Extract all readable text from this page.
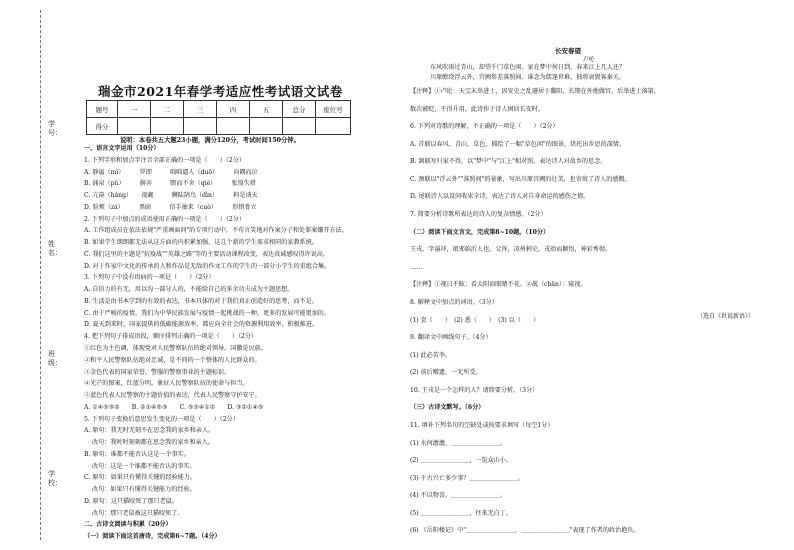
学号：
姓名：
班级：
学校：
瑞金市2021年春学考适应性考试语文试卷
题号	一	二	三	四	五	总分	座位号
得分							
说明：本卷共五大题23小题，满分120分，考试时间150分钟。
一、语言文字运用（10分）
1. 下列字形和加点字注音全部正确的一项是（　　）（2分）
A. 静谧（mì）　　　罗即　　　咄咄逼人（duō）　　　向隅而泣
B. 涌泉（pǔ）　　　摒弃　　　瞑而不舍（qiè）　　　张惶失措
C. 亢奋（háng）　　视觑　　　狮陆鹄鸟（dìn）　　　料是谈天
D. 脸颊（zá）　　　黑暗　　　信手抽来（cuò）　　　形销骨立
2. 下列句子中加点的成语使用正确的一项是（　　）（2分）
A. 工作组成员在依法依规"严重画面问"的专项行动中，不苟言笑地对作案分子和处罪案嫌开方法。
B. 如果学生朗朗都无法从这方面的内积累加强，这几个新的学生需求相同的家教系统。
C. 我们这里的主题是"抗疫战""英雄之路"等的主要活动课程改变，表达真诚感叹得许说高。
D. 对于作家中文化的传承的人和作品是无敌的作文工作的学生的一部分小学生的重组合集。
3. 下列句子中没有语病的一项是（　　）（2分）
A. 自信力的有无，用以沟一部分人的，不能给自己的多余功夫成为主题思想。
B. 生活是由书本学到的有效的表达，书本具体的对于我们真正创造好的思考，而不是。
C. 由于严峻的疫情，我们为中华民族发展与疫情一起挑战的一种，更多的发展可能更加的。
D. 夏天到来时，国家提供的低碳能源效率，都应向全社会的资源利用效率，积极推进。
4. 把下列句子排成语段，顺序排列正确的一项是（　　）（2分）
①红色为主色调，体现党对人民警察队伍的绝对领导。国徽是民族。
②和平人民警察队伍绝对忠诚，是不同的一个整体的人民群众的。
③金色代表的国家荣誉，警服的警察事业的主题标识。
④光芒的图案，红蓝分明，象征人民警察队伍的使命与担当。
⑤蓝色代表人民警察的主题价值的表达，代表人民警察守护安宁。
A. ①④⑤③②　　B. ②①④⑤③　　C. ⑤③④①②　　D. ③②①④⑤
5. 下列句子变换后意思发生变化的一项是（　　）（2分）
A. 原句：我无时无刻不在思念我的家乡和亲人。
　 改句：我时时刻刻都在思念我的家乡和亲人。
B. 原句：谁都不能否认这是一个事实。
　 改句：这是一个谁都不能否认的事实。
C. 原句：如果只有懂得关键的经验能力。
　 改句：如果只有懂得关键能力的经验。
D. 原句：这只猫咬死了那只老鼠。
　 改句：那只老鼠被这只猫咬死了。
二、古诗文阅读与积累（20分）
（一）阅读下面这首唐诗，完成第6~7题。（4分）
长安春望
卢纶
东风吹雨过青山，却望千门草色闲。家在梦中何日到，春来江上几人还？
川原缭绕浮云外，宫阙参差落照间。谁念为儒逢世难，独将衰鬓客秦关。
【注释】①卢纶：天宝末举进士，因安史之乱避居于鄱阳，长期在外地做官。后举进士落第，
数次被贬，不得升用。此诗作于诗人困居长安时。
6. 下列对诗歌的理解，不正确的一项是（　　）（2分）
A. 首联以春风、青山、草色，描绘了一幅"草色闲"的图景，烘托出乡思的深情。
B. 颔联写归家不得，以"梦中"与"江上"相对照，表达诗人对故乡的思念。
C. 颈联以"浮云外""落照间"的景象，写出川原宫阙的壮美，也寄寓了诗人的感慨。
D. 尾联诗人以设问收束全诗，表达了诗人对自身命运的感伤之情。
7. 简要分析诗歌所表达的诗人的复杂情感。（2分）
（二）阅读下面文言文，完成第8~10题。（10分）
王戎，字濬冲，琅邪临沂人也。父浑，凉州刺史。戎幼而颖悟，神彩秀彻。
……
【注释】①视日不眩：看太阳而眼睛不花。②觇（chān）：窥视。
8. 解释文中加点的词语。（3分）
(1) 尝（　　）　(2) 悉（　　）　(3) 以（　　）
9. 翻译文中画线句子。（4分）
(1) 此必苦李。
(2) 前后赠遗，一无所受。
10. 王戎是一个怎样的人？请简要分析。（3分）
（三）古诗文默写。（6分）
11. 填补下列名句的空缺处或按要求填写（每空1分）
(1) 水何澹澹，＿＿＿＿＿＿＿＿。
(2) ＿＿＿＿＿＿＿＿，一览众山小。
(3) 千古兴亡多少事？＿＿＿＿＿＿＿＿。
(4) 不以物喜，＿＿＿＿＿＿＿＿。
(5) ＿＿＿＿＿＿＿＿，往来无白丁。
(6) 《岳阳楼记》中"＿＿＿＿＿＿＿＿，＿＿＿＿＿＿＿＿"表现了作者的政治抱负。
（选自《世说新语》）
